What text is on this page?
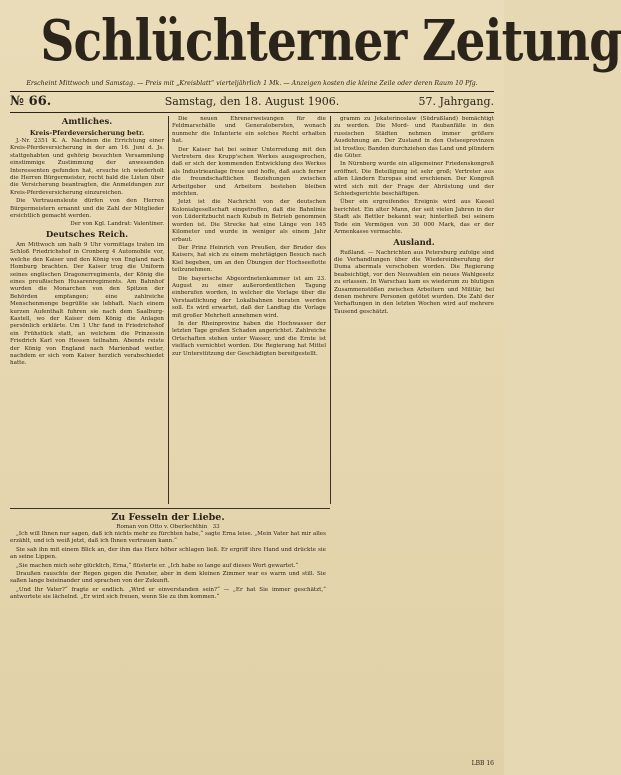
Schlüchterner Zeitung
Erscheint Mittwoch und Samstag. — Preis mit „Kreisblatt“ vierteljährlich 1 Mk. — Anzeigen kosten die kleine Zeile oder deren Raum 10 Pfg.
№ 66.	Samstag, den 18. August 1906.	57. Jahrgang.
Amtliches.
Kreis-Pferdeversicherung betr.

J.-Nr. 2351 K. A. Nachdem die Errichtung einer Kreis-Pferdeversicherung in der am 16. Juni d. Js. stattgehabten und gehörig besuchten Versammlung einstimmige Zustimmung der anwesenden Interessenten gefunden hat, ersuche ich wiederholt die Herren Bürgermeister, recht bald die Listen über die Versicherung beantragten, die Anmeldungen zur Kreis-Pferdeversicherung einzureichen.

Die Vertrauensleute dürfen von den Herren Bürgermeistern ernannt und die Zahl der Mitglieder ersichtlich gemacht werden.

Der von Kgl. Landrat: Valentiner.

Deutsches Reich.

Am Mittwoch um halb 9 Uhr vormittags traten im Schloß Friedrichshof in Cronberg 4 Automobile vor, welche den Kaiser und den König von England nach Homburg brachten. Der Kaiser trug die Uniform seines englischen Dragonerregiments, der König die eines preußischen Husarenregiments. Am Bahnhof wurden die Monarchen von den Spitzen der Behörden empfangen; eine zahlreiche Menschenmenge begrüßte sie lebhaft. Nach einem kurzen Aufenthalt fuhren sie nach dem Saalburg-Kastell, wo der Kaiser dem König die Anlagen persönlich erklärte. Um 1 Uhr fand in Friedrichshof ein Frühstück statt, an welchem die Prinzessin Friedrich Karl von Hessen teilnahm. Abends reiste der König von England nach Marienbad weiter, nachdem er sich vom Kaiser herzlich verabschiedet hatte.

Die neuen Ehrenerweisungen für die Feldmarschälle und Generalobersten, wonach nunmehr die Infanterie ein solches Recht erhalten hat.

Der Kaiser hat bei seiner Unterredung mit den Vertretern des Krupp'schen Werkes ausgesprochen, daß er sich der kommenden Entwicklung des Werkes als Industrieanlage freue und hoffe, daß auch ferner die freundschaftlichen Beziehungen zwischen Arbeitgeber und Arbeitern bestehen bleiben möchten.

Jetzt ist die Nachricht von der deutschen Kolonialgesellschaft eingetroffen, daß die Bahnlinie von Lüderitzbucht nach Kubub in Betrieb genommen worden ist. Die Strecke hat eine Länge von 145 Kilometer und wurde in weniger als einem Jahr erbaut.

Der Prinz Heinrich von Preußen, der Bruder des Kaisers, hat sich zu einem mehrtägigen Besuch nach Kiel begeben, um an den Übungen der Hochseeflotte teilzunehmen.

Die bayerische Abgeordnetenkammer ist am 23. August zu einer außerordentlichen Tagung einberufen worden, in welcher die Vorlage über die Verstaatlichung der Lokalbahnen beraten werden soll. Es wird erwartet, daß der Landtag die Vorlage mit großer Mehrheit annehmen wird.

In der Rheinprovinz haben die Hochwasser der letzten Tage großen Schaden angerichtet. Zahlreiche Ortschaften stehen unter Wasser, und die Ernte ist vielfach vernichtet worden. Die Regierung hat Mittel zur Unterstützung der Geschädigten bereitgestellt.

gramm zu Jekaterinoslaw (Südrußland) bemächtigt zu werden. Die Mord- und Raubanfälle in den russischen Städten nehmen immer größere Ausdehnung an. Der Zustand in den Ostseeprovinzen ist trostlos; Banden durchziehen das Land und plündern die Güter.

In Nürnberg wurde ein allgemeiner Friedenskongreß eröffnet. Die Beteiligung ist sehr groß; Vertreter aus allen Ländern Europas sind erschienen. Der Kongreß wird sich mit der Frage der Abrüstung und der Schiedsgerichte beschäftigen.

Über ein ergreifendes Ereignis wird aus Kassel berichtet. Ein alter Mann, der seit vielen Jahren in der Stadt als Bettler bekannt war, hinterließ bei seinem Tode ein Vermögen von 30 000 Mark, das er der Armenkasse vermachte.

Ausland.

Rußland. — Nachrichten aus Petersburg zufolge sind die Verhandlungen über die Wiedereinberufung der Duma abermals verschoben worden. Die Regierung beabsichtigt, vor den Neuwahlen ein neues Wahlgesetz zu erlassen. In Warschau kam es wiederum zu blutigen Zusammenstößen zwischen Arbeitern und Militär, bei denen mehrere Personen getötet wurden. Die Zahl der Verhaftungen in den letzten Wochen wird auf mehrere Tausend geschätzt.

Zu Fesseln der Liebe.
Roman von Otto v. Oberlechthin 33

„Ich will Ihnen nur sagen, daß ich nichts mehr zu fürchten habe,“ sagte Erna leise. „Mein Vater hat mir alles erzählt, und ich weiß jetzt, daß ich Ihnen vertrauen kann.“

Sie sah ihn mit einem Blick an, der ihm das Herz höher schlagen ließ. Er ergriff ihre Hand und drückte sie an seine Lippen.

„Sie machen mich sehr glücklich, Erna,“ flüsterte er. „Ich habe so lange auf dieses Wort gewartet.“

Draußen rauschte der Regen gegen die Fenster, aber in dem kleinen Zimmer war es warm und still. Sie saßen lange beieinander und sprachen von der Zukunft.

„Und Ihr Vater?“ fragte er endlich. „Wird er einverstanden sein?“ — „Er hat Sie immer geschätzt,“ antwortete sie lächelnd. „Er wird sich freuen, wenn Sie zu ihm kommen.“

LBB 16
